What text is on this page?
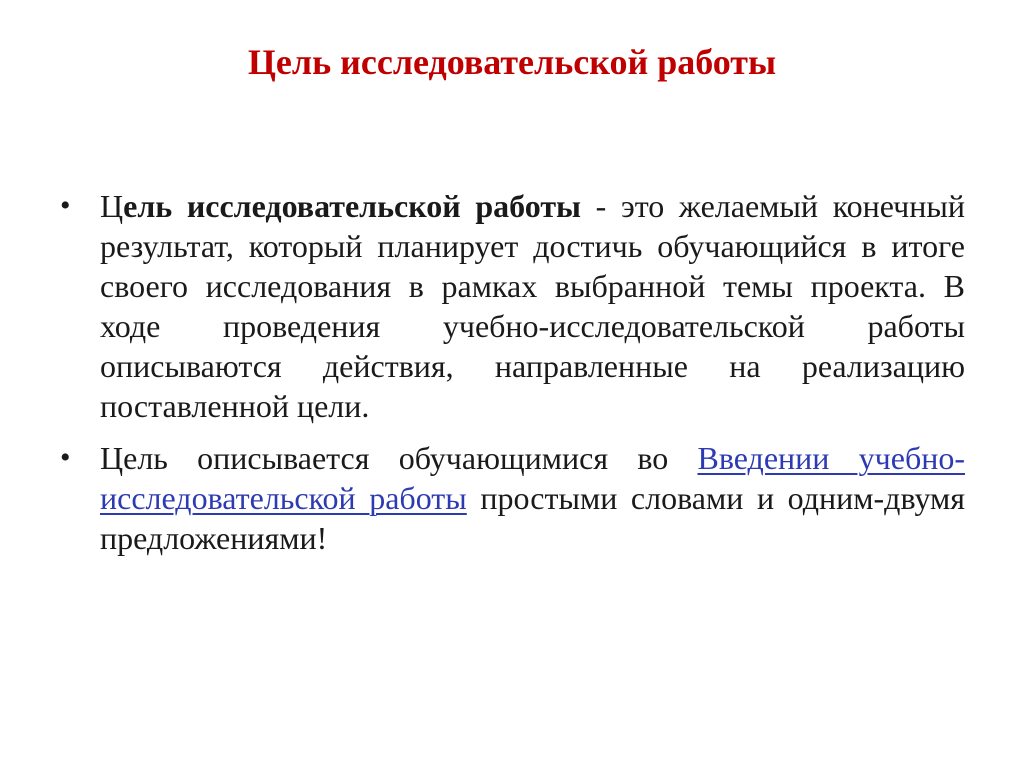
Цель исследовательской работы
• Цель исследовательской работы - это желаемый конечный результат, который планирует достичь обучающийся в итоге своего исследования в рамках выбранной темы проекта. В ходе проведения учебно-исследовательской работы описываются действия, направленные на реализацию поставленной цели.
• Цель описывается обучающимися во Введении учебно-исследовательской работы простыми словами и одним-двумя предложениями!
